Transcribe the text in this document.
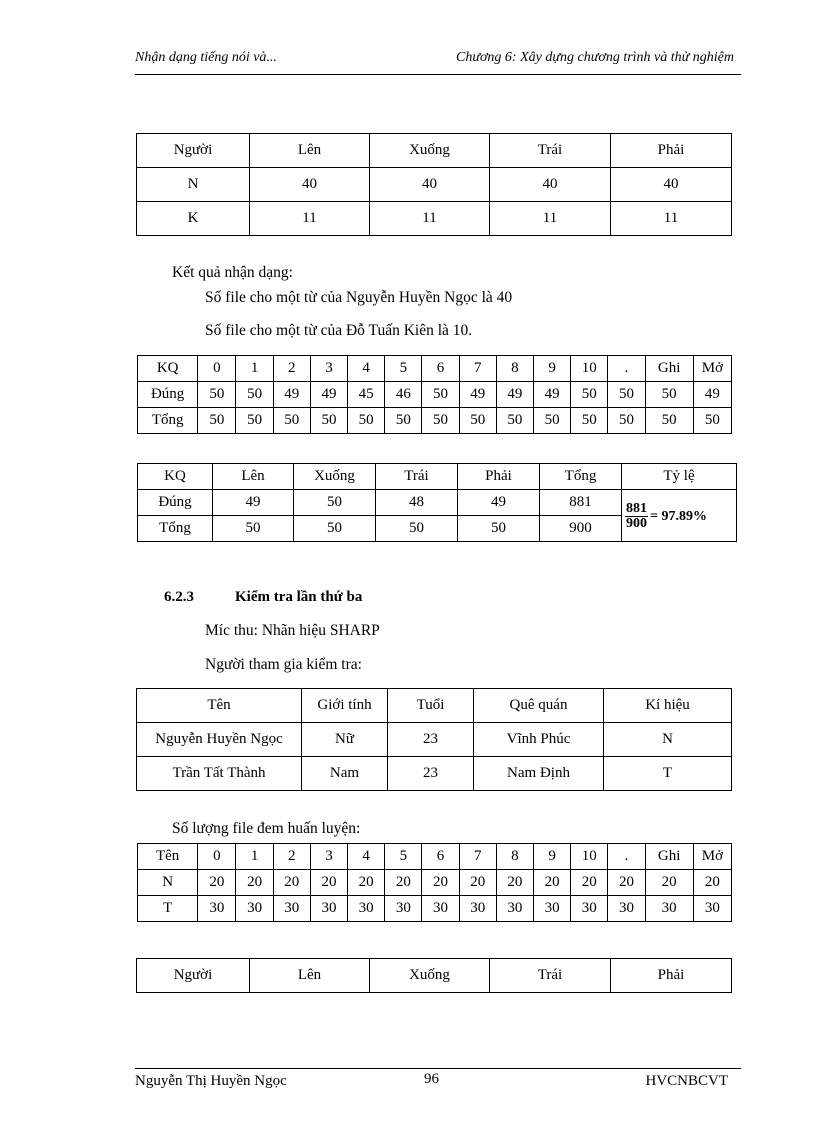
Nhận dạng tiếng nói và...	Chương 6: Xây dựng chương trình và thử nghiệm
Người	Lên	Xuống	Trái	Phải
N	40	40	40	40
K	11	11	11	11
Kết quả nhận dạng:
Số file cho một từ của Nguyễn Huyền Ngọc là 40
Số file cho một từ của Đỗ Tuấn Kiên là 10.
KQ	0	1	2	3	4	5	6	7	8	9	10	.	Ghi	Mở
Đúng	50	50	49	49	45	46	50	49	49	49	50	50	50	49
Tổng	50	50	50	50	50	50	50	50	50	50	50	50	50	50
KQ	Lên	Xuống	Trái	Phải	Tổng	Tỷ lệ
Đúng	49	50	48	49	881	$\frac{881}{900} = 97.89\%$

Tổng	50	50	50	50	900	
6.2.3	Kiểm tra lần thứ ba
Míc thu: Nhãn hiệu SHARP
Người tham gia kiểm tra:
Tên	Giới tính	Tuổi	Quê quán	Kí hiệu
Nguyễn Huyền Ngọc	Nữ	23	Vĩnh Phúc	N
Trần Tất Thành	Nam	23	Nam Định	T
Số lượng file đem huấn luyện:
Tên	0	1	2	3	4	5	6	7	8	9	10	.	Ghi	Mở
N	20	20	20	20	20	20	20	20	20	20	20	20	20	20
T	30	30	30	30	30	30	30	30	30	30	30	30	30	30
Người	Lên	Xuống	Trái	Phải
Nguyễn Thị Huyền Ngọc	96	HVCNBCVT
